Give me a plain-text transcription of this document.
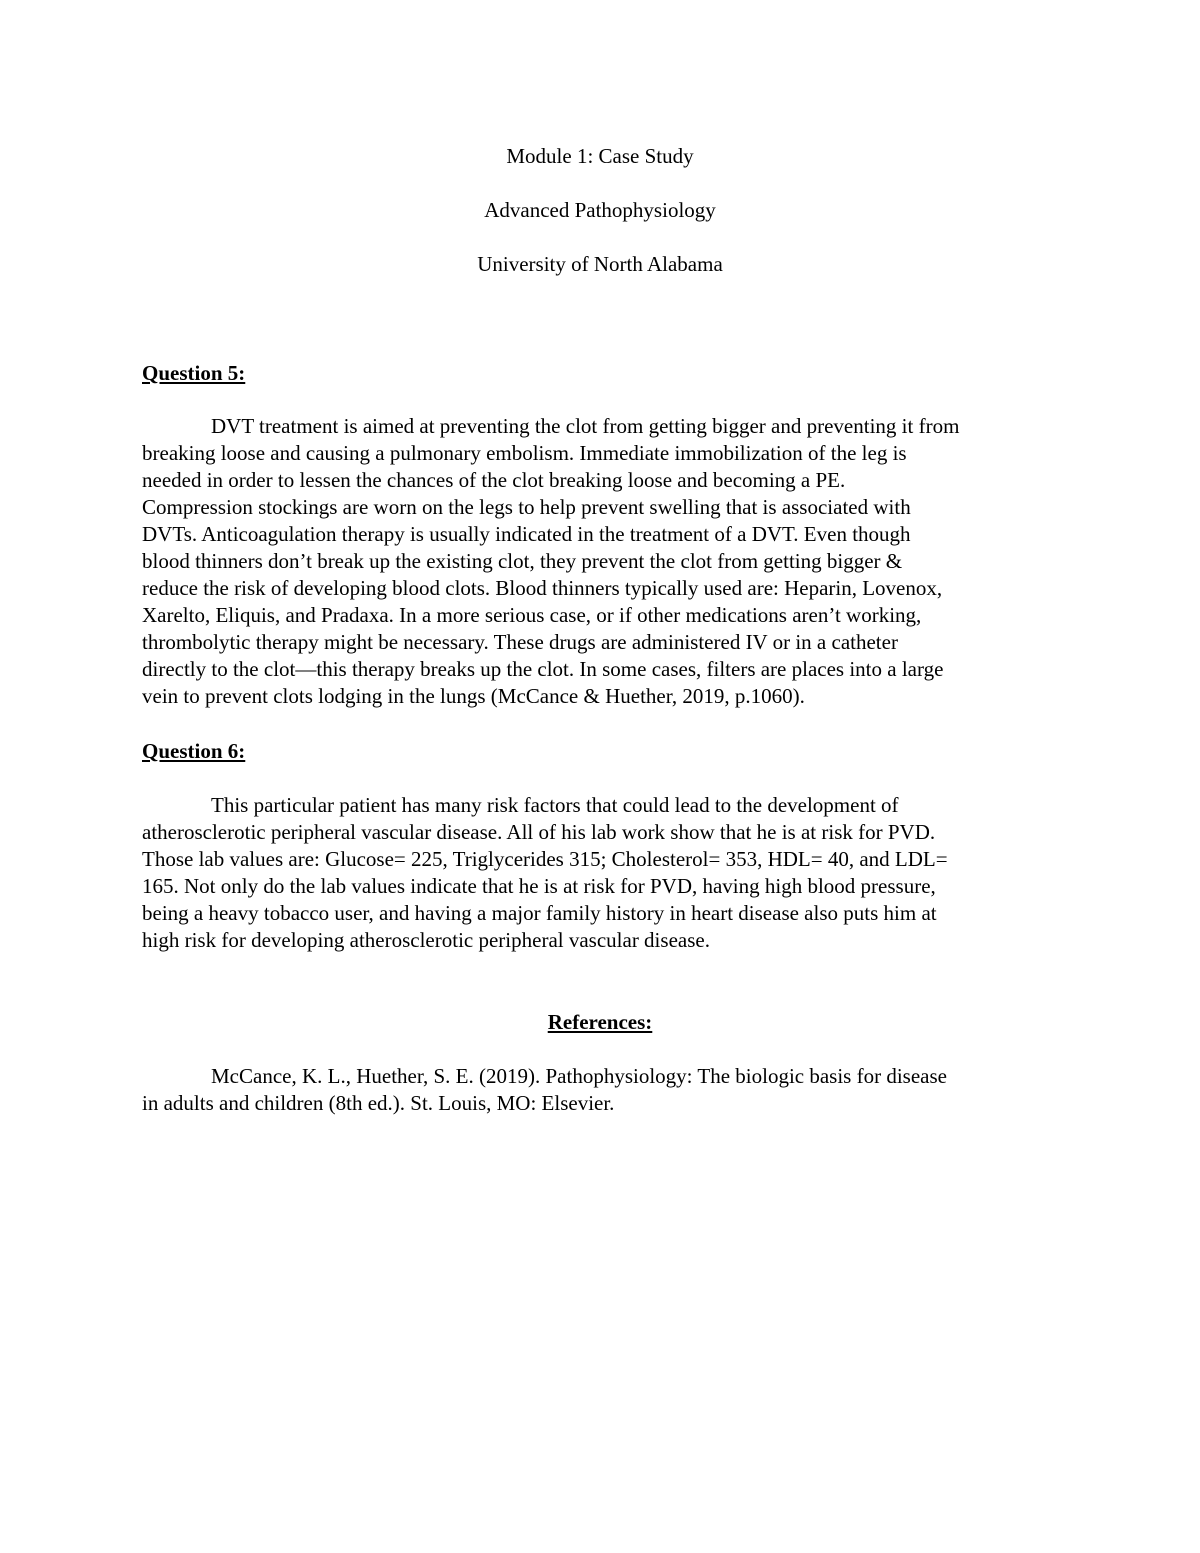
Module 1: Case Study
Advanced Pathophysiology
University of North Alabama
Question 5:
DVT treatment is aimed at preventing the clot from getting bigger and preventing it from
breaking loose and causing a pulmonary embolism. Immediate immobilization of the leg is
needed in order to lessen the chances of the clot breaking loose and becoming a PE.
Compression stockings are worn on the legs to help prevent swelling that is associated with
DVTs. Anticoagulation therapy is usually indicated in the treatment of a DVT. Even though
blood thinners don’t break up the existing clot, they prevent the clot from getting bigger &
reduce the risk of developing blood clots. Blood thinners typically used are: Heparin, Lovenox,
Xarelto, Eliquis, and Pradaxa. In a more serious case, or if other medications aren’t working,
thrombolytic therapy might be necessary. These drugs are administered IV or in a catheter
directly to the clot—this therapy breaks up the clot. In some cases, filters are places into a large
vein to prevent clots lodging in the lungs (McCance & Huether, 2019, p.1060).
Question 6:
This particular patient has many risk factors that could lead to the development of
atherosclerotic peripheral vascular disease. All of his lab work show that he is at risk for PVD.
Those lab values are: Glucose= 225, Triglycerides 315; Cholesterol= 353, HDL= 40, and LDL=
165. Not only do the lab values indicate that he is at risk for PVD, having high blood pressure,
being a heavy tobacco user, and having a major family history in heart disease also puts him at
high risk for developing atherosclerotic peripheral vascular disease.
References:
McCance, K. L., Huether, S. E. (2019). Pathophysiology: The biologic basis for disease
in adults and children (8th ed.). St. Louis, MO: Elsevier.
